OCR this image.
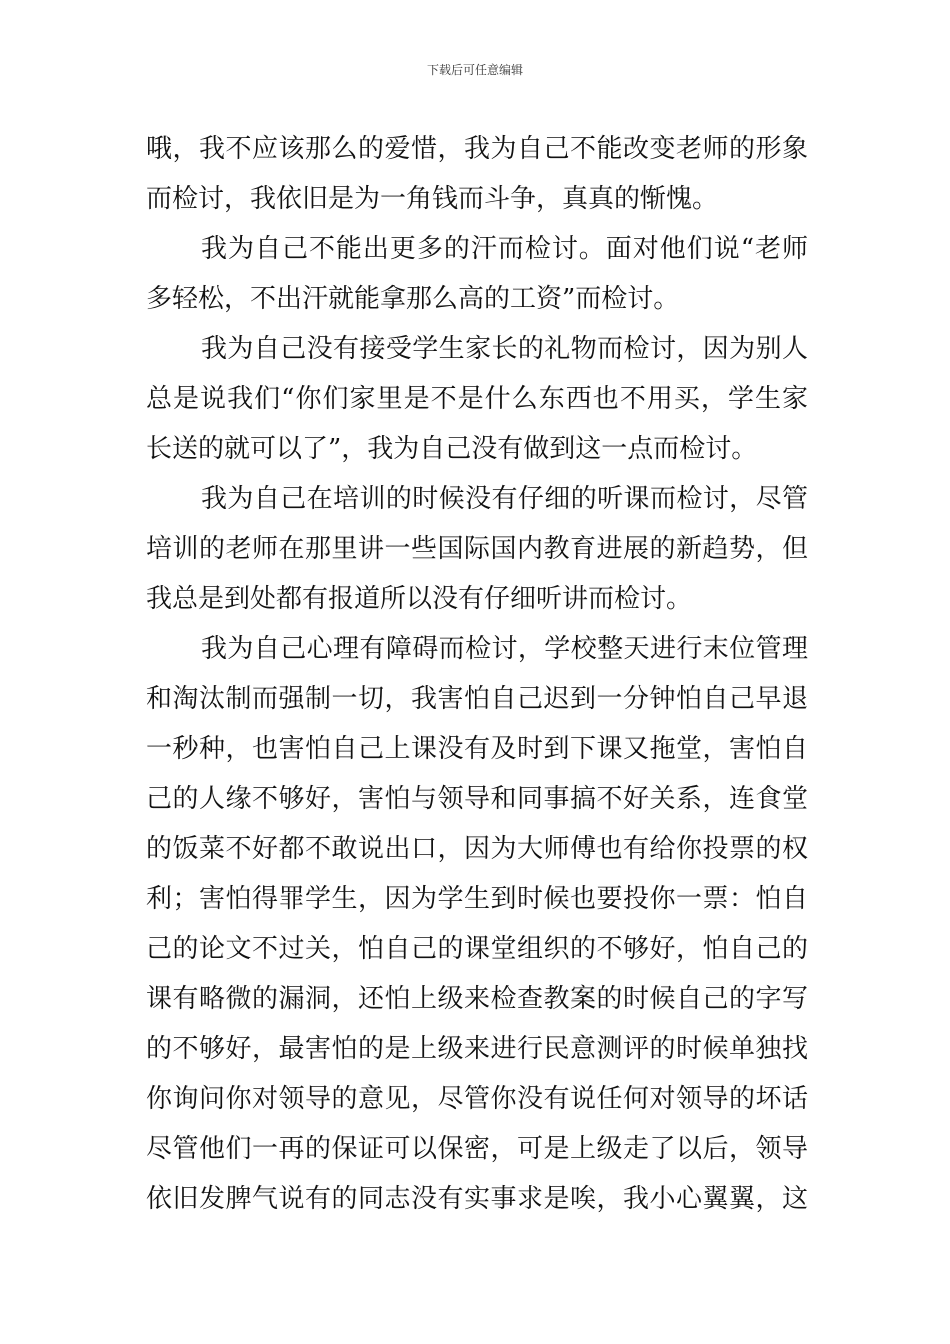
下载后可任意编辑
哦，我不应该那么的爱惜，我为自己不能改变老师的形象
而检讨，我依旧是为一角钱而斗争，真真的惭愧。
我为自己不能出更多的汗而检讨。面对他们说“老师
多轻松，不出汗就能拿那么高的工资”而检讨。
我为自己没有接受学生家长的礼物而检讨，因为别人
总是说我们“你们家里是不是什么东西也不用买，学生家
长送的就可以了”，我为自己没有做到这一点而检讨。
我为自己在培训的时候没有仔细的听课而检讨，尽管
培训的老师在那里讲一些国际国内教育进展的新趋势，但
我总是到处都有报道所以没有仔细听讲而检讨。
我为自己心理有障碍而检讨，学校整天进行末位管理
和淘汰制而强制一切，我害怕自己迟到一分钟怕自己早退
一秒种，也害怕自己上课没有及时到下课又拖堂，害怕自
己的人缘不够好，害怕与领导和同事搞不好关系，连食堂
的饭菜不好都不敢说出口，因为大师傅也有给你投票的权
利；害怕得罪学生，因为学生到时候也要投你一票：怕自
己的论文不过关，怕自己的课堂组织的不够好，怕自己的
课有略微的漏洞，还怕上级来检查教案的时候自己的字写
的不够好，最害怕的是上级来进行民意测评的时候单独找
你询问你对领导的意见，尽管你没有说任何对领导的坏话
尽管他们一再的保证可以保密，可是上级走了以后，领导
依旧发脾气说有的同志没有实事求是唉，我小心翼翼，这
